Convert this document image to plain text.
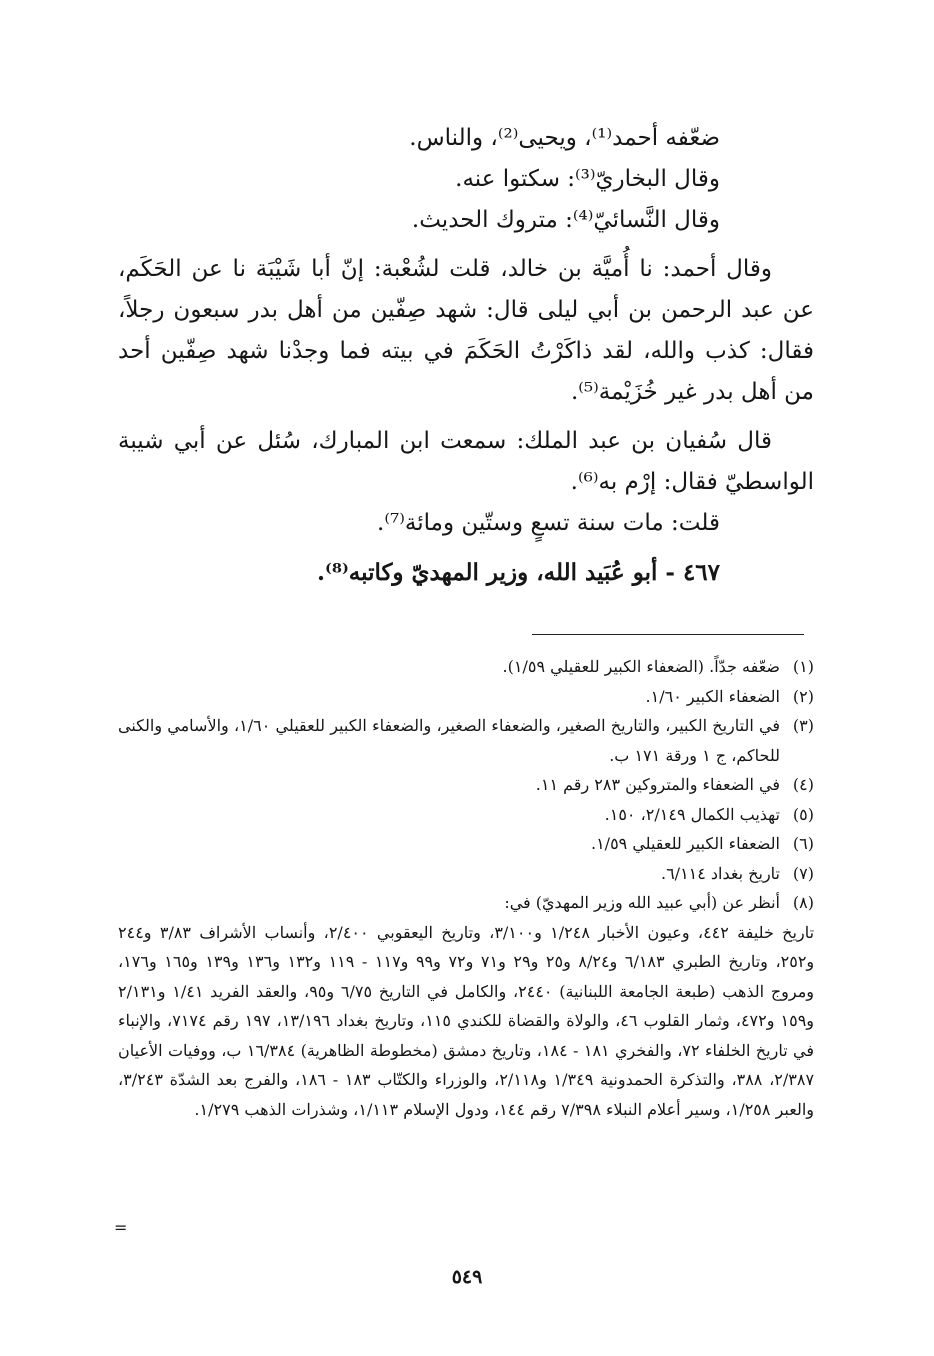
ضعّفه أحمد⁽¹⁾، ويحيى⁽²⁾، والناس.

وقال البخاريّ⁽³⁾: سكتوا عنه.

وقال النَّسائيّ⁽⁴⁾: متروك الحديث.

وقال أحمد: نا أُميَّة بن خالد، قلت لشُعْبة: إنّ أبا شَيْبَة نا عن الحَكَم، عن عبد الرحمن بن أبي ليلى قال: شهد صِفّين من أهل بدر سبعون رجلاً، فقال: كذب والله، لقد ذاكَرْتُ الحَكَمَ في بيته فما وجدْنا شهد صِفّين أحد من أهل بدر غير خُزَيْمة⁽⁵⁾.

قال سُفيان بن عبد الملك: سمعت ابن المبارك، سُئل عن أبي شيبة الواسطيّ فقال: إرْم به⁽⁶⁾.

قلت: مات سنة تسعٍ وستّين ومائة⁽⁷⁾.

٤٦٧ - أبو عُبَيد الله، وزير المهديّ وكاتبه⁽⁸⁾.

(١)ضعّفه جدّاً. (الضعفاء الكبير للعقيلي ١/٥٩).

(٢)الضعفاء الكبير ١/٦٠.

(٣)في التاريخ الكبير، والتاريخ الصغير، والضعفاء الصغير، والضعفاء الكبير للعقيلي ١/٦٠، والأسامي والكنى للحاكم، ج ١ ورقة ١٧١ ب.

(٤)في الضعفاء والمتروكين ٢٨٣ رقم ١١.

(٥)تهذيب الكمال ٢/١٤٩، ١٥٠.

(٦)الضعفاء الكبير للعقيلي ١/٥٩.

(٧)تاريخ بغداد ٦/١١٤.

(٨)أنظر عن (أبي عبيد الله وزير المهديّ) في:

تاريخ خليفة ٤٤٢، وعيون الأخبار ١/٢٤٨ و٣/١٠٠، وتاريخ اليعقوبي ٢/٤٠٠، وأنساب الأشراف ٣/٨٣ و٢٤٤ و٢٥٢، وتاريخ الطبري ٦/١٨٣ و٨/٢٤ و٢٥ و٢٩ و٧١ و٧٢ و٩٩ و١١٧ - ١١٩ و١٣٢ و١٣٦ و١٣٩ و١٦٥ و١٧٦، ومروج الذهب (طبعة الجامعة اللبنانية) ٢٤٤٠، والكامل في التاريخ ٦/٧٥ و٩٥، والعقد الفريد ١/٤١ و٢/١٣١ و١٥٩ و٤٧٢، وثمار القلوب ٤٦، والولاة والقضاة للكندي ١١٥، وتاريخ بغداد ١٣/١٩٦، ١٩٧ رقم ٧١٧٤، والإنباء في تاريخ الخلفاء ٧٢، والفخري ١٨١ - ١٨٤، وتاريخ دمشق (مخطوطة الظاهرية) ١٦/٣٨٤ ب، ووفيات الأعيان ٢/٣٨٧، ٣٨٨، والتذكرة الحمدونية ١/٣٤٩ و٢/١١٨، والوزراء والكتّاب ١٨٣ - ١٨٦، والفرج بعد الشدّة ٣/٢٤٣، والعبر ١/٢٥٨، وسير أعلام النبلاء ٧/٣٩٨ رقم ١٤٤، ودول الإسلام ١/١١٣، وشذرات الذهب ١/٢٧٩.

=
٥٤٩
